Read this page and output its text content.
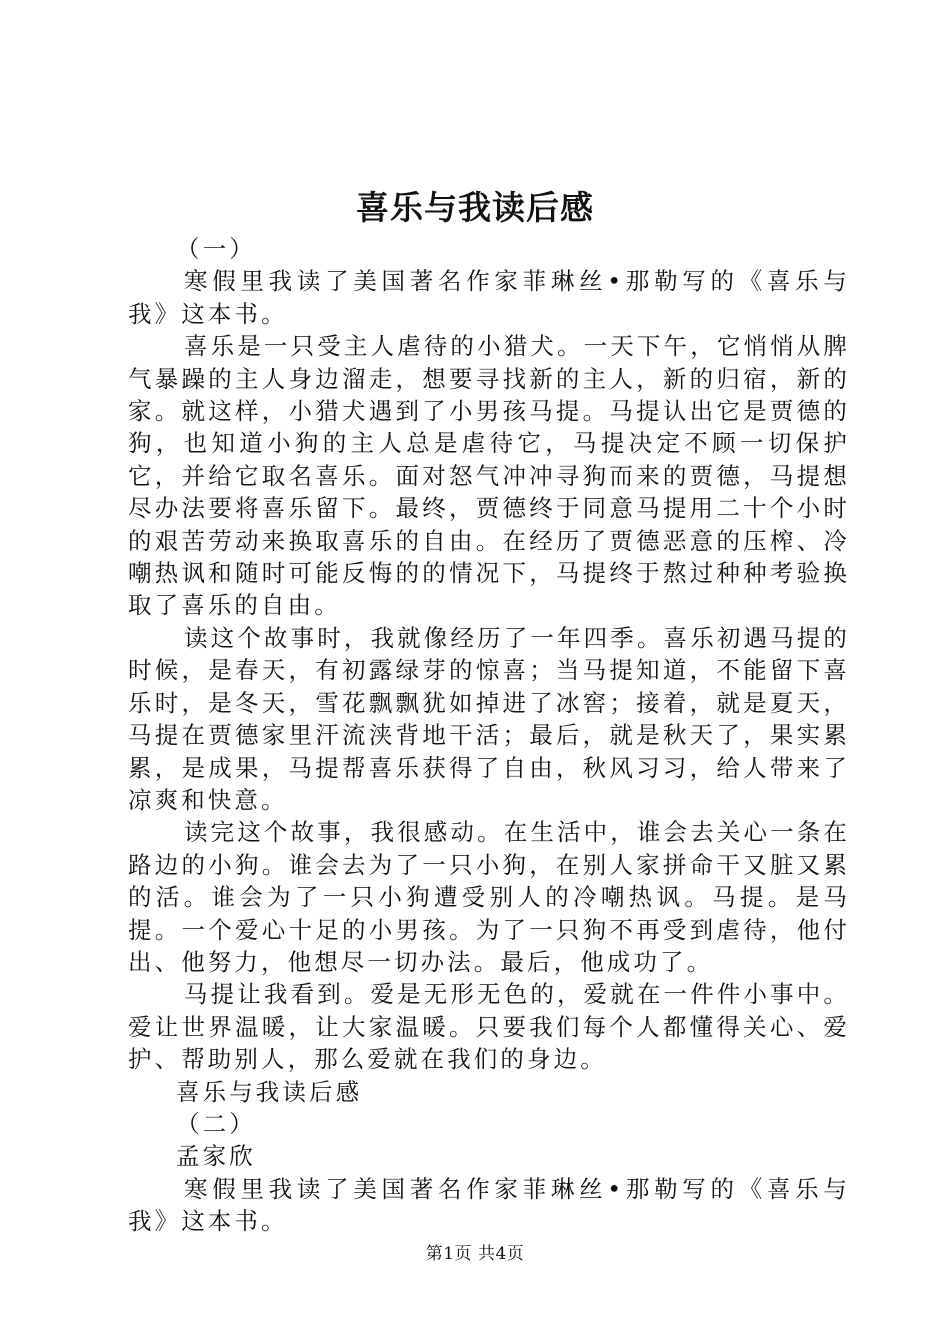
喜乐与我读后感

（一）

寒假里我读了美国著名作家菲琳丝•那勒写的《喜乐与我》这本书。

喜乐是一只受主人虐待的小猎犬。一天下午，它悄悄从脾气暴躁的主人身边溜走，想要寻找新的主人，新的归宿，新的家。就这样，小猎犬遇到了小男孩马提。马提认出它是贾德的狗，也知道小狗的主人总是虐待它，马提决定不顾一切保护它，并给它取名喜乐。面对怒气冲冲寻狗而来的贾德，马提想尽办法要将喜乐留下。最终，贾德终于同意马提用二十个小时的艰苦劳动来换取喜乐的自由。在经历了贾德恶意的压榨、冷嘲热讽和随时可能反悔的的情况下，马提终于熬过种种考验换取了喜乐的自由。

读这个故事时，我就像经历了一年四季。喜乐初遇马提的时候，是春天，有初露绿芽的惊喜；当马提知道，不能留下喜乐时，是冬天，雪花飘飘犹如掉进了冰窖；接着，就是夏天，马提在贾德家里汗流浃背地干活；最后，就是秋天了，果实累累，是成果，马提帮喜乐获得了自由，秋风习习，给人带来了凉爽和快意。

读完这个故事，我很感动。在生活中，谁会去关心一条在路边的小狗。谁会去为了一只小狗，在别人家拼命干又脏又累的活。谁会为了一只小狗遭受别人的冷嘲热讽。马提。是马提。一个爱心十足的小男孩。为了一只狗不再受到虐待，他付出、他努力，他想尽一切办法。最后，他成功了。

马提让我看到。爱是无形无色的，爱就在一件件小事中。爱让世界温暖，让大家温暖。只要我们每个人都懂得关心、爱护、帮助别人，那么爱就在我们的身边。

喜乐与我读后感

（二）

孟家欣

寒假里我读了美国著名作家菲琳丝•那勒写的《喜乐与我》这本书。

第1页 共4页
